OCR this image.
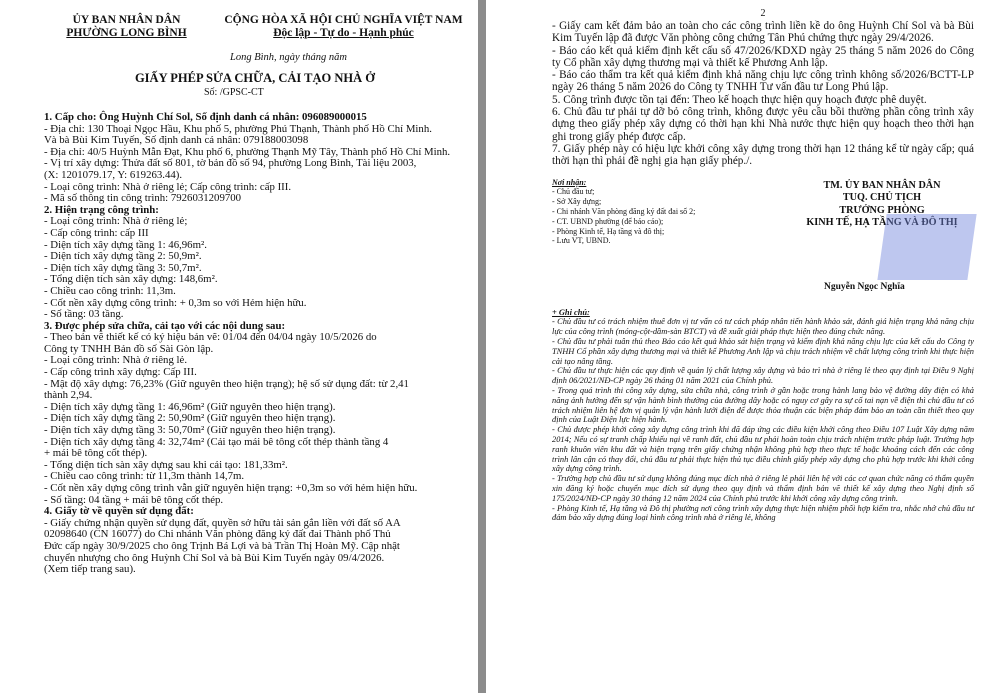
ỦY BAN NHÂN DÂN
PHƯỜNG LONG BÌNH
CỘNG HÒA XÃ HỘI CHỦ NGHĨA VIỆT NAM
Độc lập - Tự do - Hạnh phúc
Long Bình, ngày tháng năm
GIẤY PHÉP SỬA CHỮA, CẢI TẠO NHÀ Ở
Số: /GPSC-CT

1. Cấp cho: Ông Huỳnh Chí Sol, Số định danh cá nhân: 096089000015

- Địa chỉ: 130 Thoại Ngọc Hầu, Khu phố 5, phường Phú Thạnh, Thành phố Hồ Chí Minh.

Và bà Bùi Kim Tuyến, Số định danh cá nhân: 079188003098

- Địa chỉ: 40/5 Huỳnh Mẫn Đạt, Khu phố 6, phường Thạnh Mỹ Tây, Thành phố Hồ Chí Minh.

- Vị trí xây dựng: Thửa đất số 801, tờ bản đồ số 94, phường Long Bình, Tài liệu 2003,

(X: 1201079.17, Y: 619263.44).

- Loại công trình: Nhà ở riêng lẻ; Cấp công trình: cấp III.

- Mã số thông tin công trình: 7926031209700

2. Hiện trạng công trình:

- Loại công trình: Nhà ở riêng lẻ;

- Cấp công trình: cấp III

- Diện tích xây dựng tầng 1: 46,96m².

- Diện tích xây dựng tầng 2: 50,9m².

- Diện tích xây dựng tầng 3: 50,7m².

- Tổng diện tích sàn xây dựng: 148,6m².

- Chiều cao công trình: 11,3m.

- Cốt nền xây dựng công trình: + 0,3m so với Hẻm hiện hữu.

- Số tầng: 03 tầng.

3. Được phép sửa chữa, cải tạo với các nội dung sau:

- Theo bản vẽ thiết kế có ký hiệu bản vẽ: 01/04 đến 04/04 ngày 10/5/2026 do

Công ty TNHH Bản đồ số Sài Gòn lập.

- Loại công trình: Nhà ở riêng lẻ.

- Cấp công trình xây dựng: Cấp III.

- Mật độ xây dựng: 76,23% (Giữ nguyên theo hiện trạng); hệ số sử dụng đất: từ 2,41

thành 2,94.

- Diện tích xây dựng tầng 1: 46,96m² (Giữ nguyên theo hiện trạng).

- Diện tích xây dựng tầng 2: 50,90m² (Giữ nguyên theo hiện trạng).

- Diện tích xây dựng tầng 3: 50,70m² (Giữ nguyên theo hiện trạng).

- Diện tích xây dựng tầng 4: 32,74m² (Cải tạo mái bê tông cốt thép thành tầng 4

+ mái bê tông cốt thép).

- Tổng diện tích sàn xây dựng sau khi cải tạo: 181,33m².

- Chiều cao công trình: từ 11,3m thành 14,7m.

- Cốt nền xây dựng công trình vẫn giữ nguyên hiện trạng: +0,3m so với hẻm hiện hữu.

- Số tầng: 04 tầng + mái bê tông cốt thép.

4. Giấy tờ về quyền sử dụng đất:

- Giấy chứng nhận quyền sử dụng đất, quyền sở hữu tài sản gắn liền với đất số AA

02098640 (CN 16077) do Chi nhánh Văn phòng đăng ký đất đai Thành phố Thủ

Đức cấp ngày 30/9/2025 cho ông Trịnh Bá Lợi và bà Trần Thị Hoàn Mỹ. Cập nhật

chuyển nhượng cho ông Huỳnh Chí Sol và bà Bùi Kim Tuyến ngày 09/4/2026.

(Xem tiếp trang sau).

2

- Giấy cam kết đảm bảo an toàn cho các công trình liền kề do ông Huỳnh Chí Sol và bà Bùi Kim Tuyến lập đã được Văn phòng công chứng Tân Phú chứng thực ngày 29/4/2026.

- Báo cáo kết quả kiểm định kết cấu số 47/2026/KDXD ngày 25 tháng 5 năm 2026 do Công ty Cổ phần xây dựng thương mại và thiết kế Phương Anh lập.

- Báo cáo thẩm tra kết quả kiểm định khả năng chịu lực công trình không số/2026/BCTT-LP ngày 26 tháng 5 năm 2026 do Công ty TNHH Tư vấn đầu tư Long Phú lập.

5. Công trình được tồn tại đến: Theo kế hoạch thực hiện quy hoạch được phê duyệt.

6. Chủ đầu tư phải tự dỡ bỏ công trình, không được yêu cầu bồi thường phần công trình xây dựng theo giấy phép xây dựng có thời hạn khi Nhà nước thực hiện quy hoạch theo thời hạn ghi trong giấy phép được cấp.

7. Giấy phép này có hiệu lực khởi công xây dựng trong thời hạn 12 tháng kể từ ngày cấp; quá thời hạn thì phải đề nghị gia hạn giấy phép./.

Nơi nhận:
- Chủ đầu tư;
- Sở Xây dựng;
- Chi nhánh Văn phòng đăng ký đất đai số 2;
- CT. UBND phường (để báo cáo);
- Phòng Kinh tế, Hạ tầng và đô thị;
- Lưu VT, UBND.
TM. ỦY BAN NHÂN DÂN
TUQ. CHỦ TỊCH
TRƯỞNG PHÒNG
KINH TẾ, HẠ TẦNG VÀ ĐÔ THỊ
Nguyễn Ngọc Nghĩa
+ Ghi chú:

- Chủ đầu tư có trách nhiệm thuê đơn vị tư vấn có tư cách pháp nhân tiến hành khảo sát, đánh giá hiện trạng khả năng chịu lực của công trình (móng-cột-dầm-sàn BTCT) và đề xuất giải pháp thực hiện theo đúng chức năng.

- Chủ đầu tư phải tuân thủ theo Báo cáo kết quả khảo sát hiện trạng và kiểm định khả năng chịu lực của kết cấu do Công ty TNHH Cổ phần xây dựng thương mại và thiết kế Phương Anh lập và chịu trách nhiệm về chất lượng công trình khi thực hiện cải tạo nâng tầng.

- Chủ đầu tư thực hiện các quy định về quản lý chất lượng xây dựng và bảo trì nhà ở riêng lẻ theo quy định tại Điều 9 Nghị định 06/2021/NĐ-CP ngày 26 tháng 01 năm 2021 của Chính phủ.

- Trong quá trình thi công xây dựng, sửa chữa nhà, công trình ở gần hoặc trong hành lang bảo vệ đường dây điện có khả năng ảnh hưởng đến sự vận hành bình thường của đường dây hoặc có nguy cơ gây ra sự cố tai nạn về điện thì chủ đầu tư có trách nhiệm liên hệ đơn vị quản lý vận hành lưới điện để được thỏa thuận các biện pháp đảm bảo an toàn cần thiết theo quy định của Luật Điện lực hiện hành.

- Chủ được phép khởi công xây dựng công trình khi đã đáp ứng các điều kiện khởi công theo Điều 107 Luật Xây dựng năm 2014; Nếu có sự tranh chấp khiếu nại về ranh đất, chủ đầu tư phải hoàn toàn chịu trách nhiệm trước pháp luật. Trường hợp ranh khuôn viên khu đất và hiện trạng trên giấy chứng nhận không phù hợp theo thực tế hoặc khoảng cách đến các công trình lân cận có thay đổi, chủ đầu tư phải thực hiện thủ tục điều chỉnh giấy phép xây dựng cho phù hợp trước khi khởi công xây dựng công trình.

- Trường hợp chủ đầu tư sử dụng không đúng mục đích nhà ở riêng lẻ phải liên hệ với các cơ quan chức năng có thẩm quyền xin đăng ký hoặc chuyển mục đích sử dụng theo quy định và thẩm định bản vẽ thiết kế xây dựng theo Nghị định số 175/2024/NĐ-CP ngày 30 tháng 12 năm 2024 của Chính phủ trước khi khởi công xây dựng công trình.

- Phòng Kinh tế, Hạ tầng và Đô thị phường nơi công trình xây dựng thực hiện nhiệm phối hợp kiểm tra, nhắc nhở chủ đầu tư đảm bảo xây dựng đúng loại hình công trình nhà ở riêng lẻ, không
